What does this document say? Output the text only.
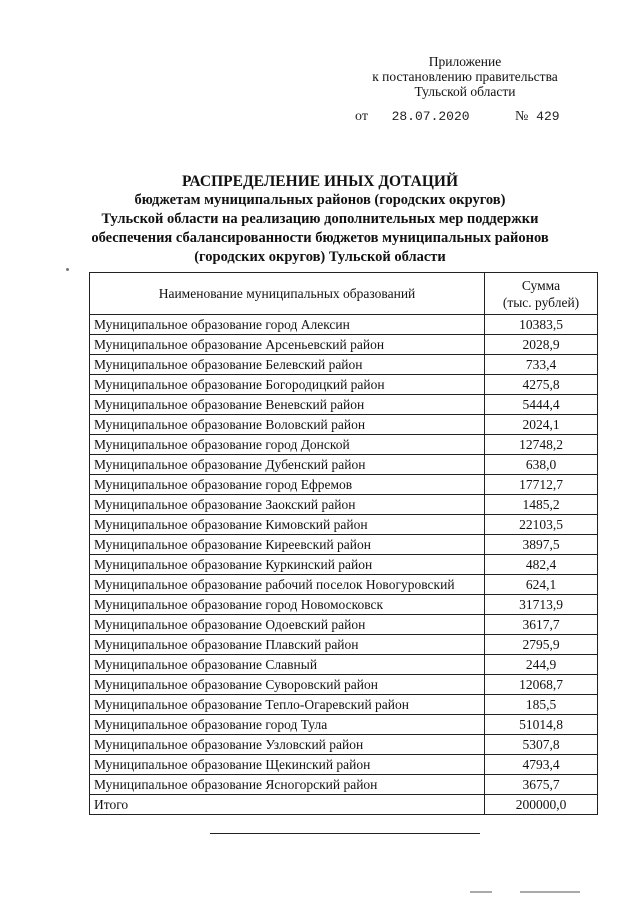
Приложение
к постановлению правительства
Тульской области
от 28.07.2020	№ 429
РАСПРЕДЕЛЕНИЕ ИНЫХ ДОТАЦИЙ
бюджетам муниципальных районов (городских округов)
Тульской области на реализацию дополнительных мер поддержки
обеспечения сбалансированности бюджетов муниципальных районов
(городских округов) Тульской области
Наименование муниципальных образований	Сумма
(тыс. рублей)

Муниципальное образование город Алексин	10383,5
Муниципальное образование Арсеньевский район	2028,9
Муниципальное образование Белевский район	733,4
Муниципальное образование Богородицкий район	4275,8
Муниципальное образование Веневский район	5444,4
Муниципальное образование Воловский район	2024,1
Муниципальное образование город Донской	12748,2
Муниципальное образование Дубенский район	638,0
Муниципальное образование город Ефремов	17712,7
Муниципальное образование Заокский район	1485,2
Муниципальное образование Кимовский район	22103,5
Муниципальное образование Киреевский район	3897,5
Муниципальное образование Куркинский район	482,4
Муниципальное образование рабочий поселок Новогуровский	624,1
Муниципальное образование город Новомосковск	31713,9
Муниципальное образование Одоевский район	3617,7
Муниципальное образование Плавский район	2795,9
Муниципальное образование Славный	244,9
Муниципальное образование Суворовский район	12068,7
Муниципальное образование Тепло-Огаревский район	185,5
Муниципальное образование город Тула	51014,8
Муниципальное образование Узловский район	5307,8
Муниципальное образование Щекинский район	4793,4
Муниципальное образование Ясногорский район	3675,7
Итого	200000,0
